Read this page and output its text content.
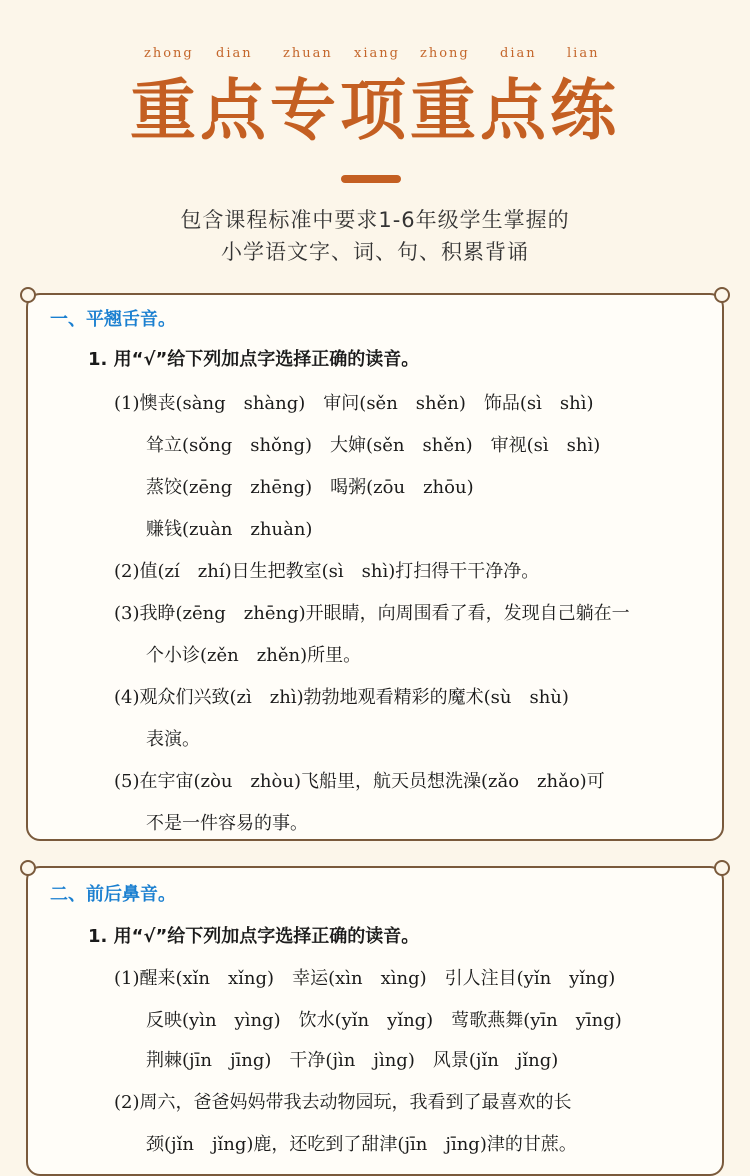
zhong dian zhuan xiang zhong dian lian
重点专项重点练
包含课程标准中要求1-6年级学生掌握的
小学语文字、词、句、积累背诵
一、平翘舌音。
1. 用“√”给下列加点字选择正确的读音。
(1)懊丧(sàng　shàng)　审问(sěn　shěn)　饰品(sì　shì)
耸立(sǒng　shǒng)　大婶(sěn　shěn)　审视(sì　shì)
蒸饺(zēng　zhēng)　喝粥(zōu　zhōu)
赚钱(zuàn　zhuàn)
(2)值(zí　zhí)日生把教室(sì　shì)打扫得干干净净。
(3)我睁(zēng　zhēng)开眼睛，向周围看了看，发现自己躺在一
个小诊(zěn　zhěn)所里。
(4)观众们兴致(zì　zhì)勃勃地观看精彩的魔术(sù　shù)
表演。
(5)在宇宙(zòu　zhòu)飞船里，航天员想洗澡(zǎo　zhǎo)可
不是一件容易的事。
二、前后鼻音。
1. 用“√”给下列加点字选择正确的读音。
(1)醒来(xǐn　xǐng)　幸运(xìn　xìng)　引人注目(yǐn　yǐng)
反映(yìn　yìng)　饮水(yǐn　yǐng)　莺歌燕舞(yīn　yīng)
荆棘(jīn　jīng)　干净(jìn　jìng)　风景(jǐn　jǐng)
(2)周六，爸爸妈妈带我去动物园玩，我看到了最喜欢的长
颈(jǐn　jǐng)鹿，还吃到了甜津(jīn　jīng)津的甘蔗。
